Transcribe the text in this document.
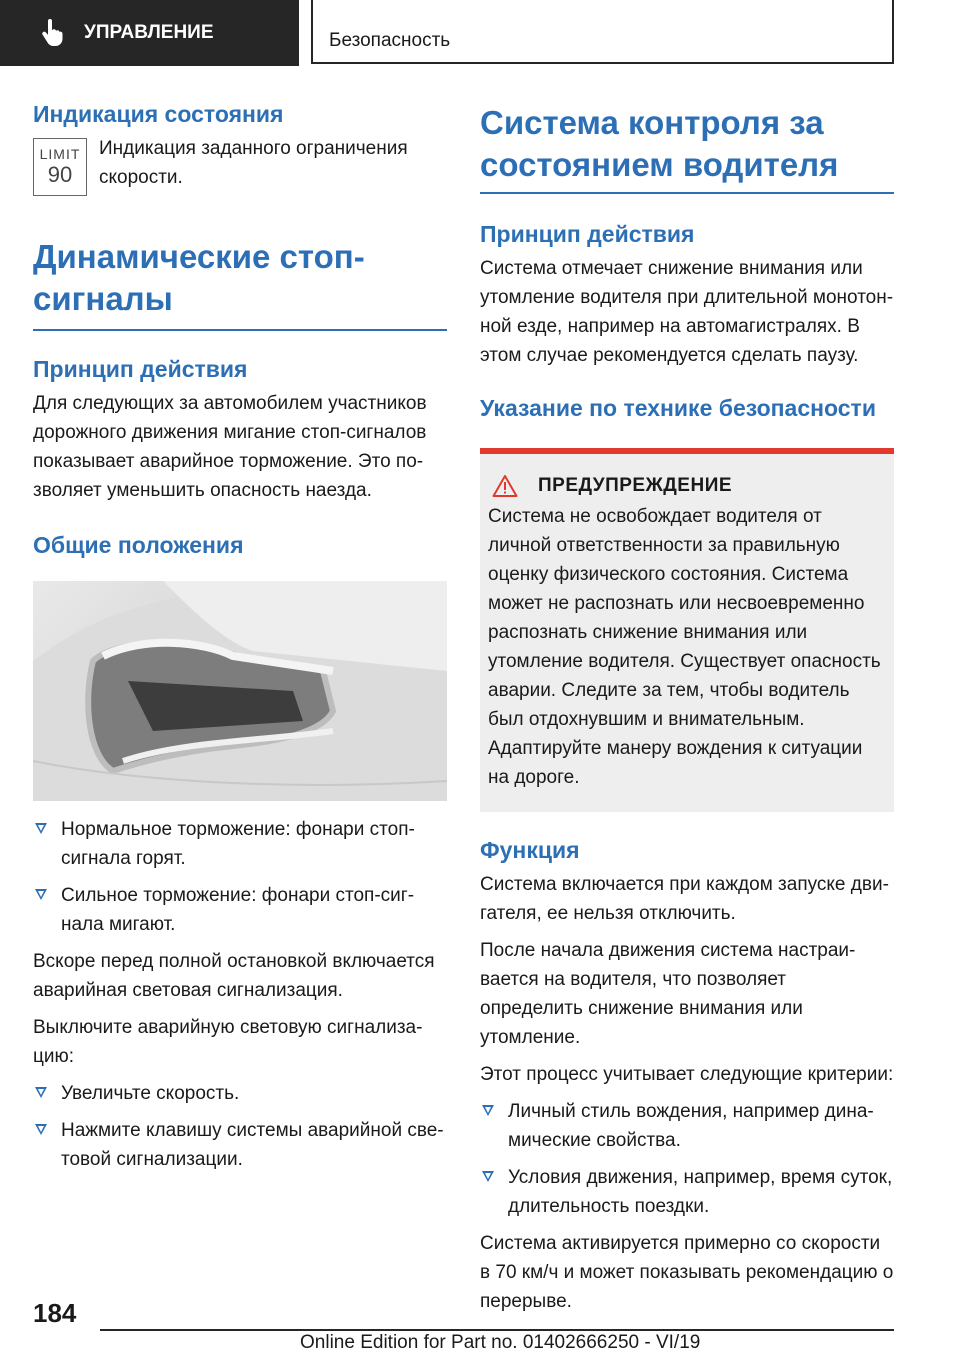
УПРАВЛЕНИЕ	Безопасность
Индикация состояния
LIMIT
90

Индикация заданного ограничения скорости.

Динамические стоп-сигналы
Принцип действия

Для следующих за автомобилем участников дорожного движения мигание стоп-сигналов показывает аварийное торможение. Это позволяет уменьшить опасность наезда.

Общие положения
Нормальное торможение: фонари стоп-сигнала горят.
Сильное торможение: фонари стоп-сигнала мигают.

Вскоре перед полной остановкой включается аварийная световая сигнализация.

Выключите аварийную световую сигнализацию:

Увеличьте скорость.
Нажмите клавишу системы аварийной световой сигнализации.
Система контроля за состоянием водителя
Принцип действия

Система отмечает снижение внимания или утомление водителя при длительной монотонной езде, например на автомагистралях. В этом случае рекомендуется сделать паузу.

Указание по технике безопасности
ПРЕДУПРЕЖДЕНИЕ

Система не освобождает водителя от личной ответственности за правильную оценку физического состояния. Система может не распознать или несвоевременно распознать снижение внимания или утомление водителя. Существует опасность аварии. Следите за тем, чтобы водитель был отдохнувшим и внимательным. Адаптируйте манеру вождения к ситуации на дороге.

Функция

Система включается при каждом запуске двигателя, ее нельзя отключить.

После начала движения система настраивается на водителя, что позволяет определить снижение внимания или утомление.

Этот процесс учитывает следующие критерии:

Личный стиль вождения, например динамические свойства.
Условия движения, например, время суток, длительность поездки.

Система активируется примерно со скорости в 70 км/ч и может показывать рекомендацию о перерыве.

184
Online Edition for Part no. 01402666250 - VI/19
